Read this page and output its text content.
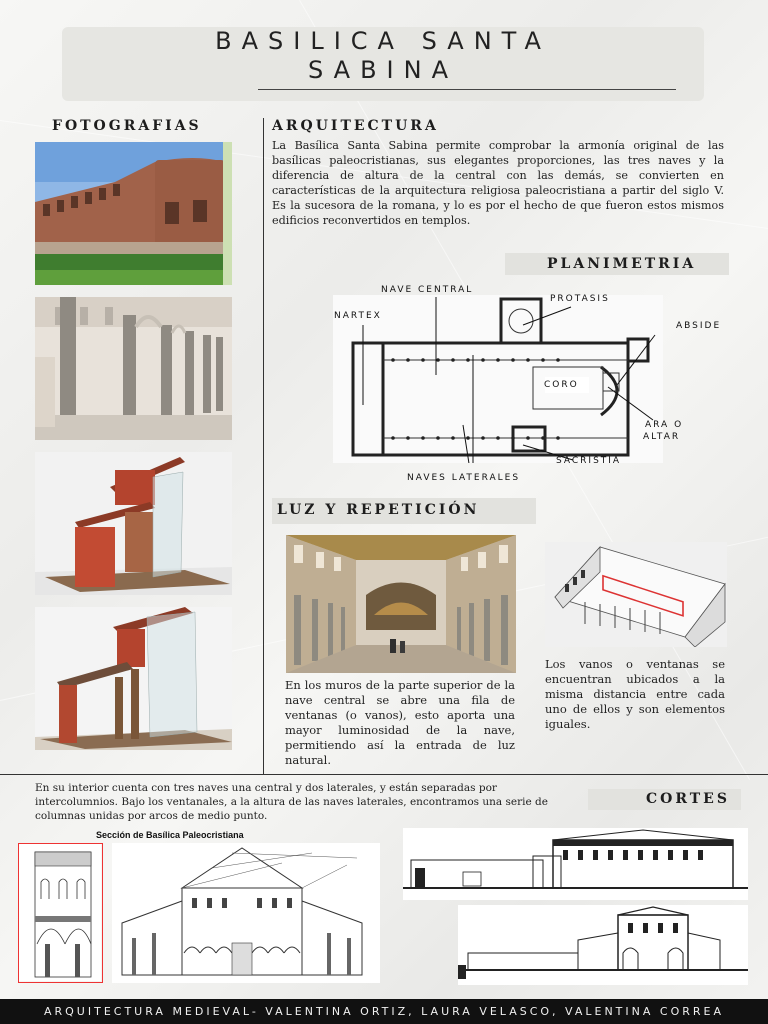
BASILICA SANTA
SABINA
FOTOGRAFIAS	ARQUITECTURA
La Basílica Santa Sabina permite comprobar la armonía original de las basílicas paleocristianas, sus elegantes proporciones, las tres naves y la diferencia de altura de la central con las demás, se convierten en características de la arquitectura religiosa paleocristiana a partir del siglo V. Es la sucesora de la romana, y lo es por el hecho de que fueron estos mismos edificios reconvertidos en templos.
PLANIMETRIA
NAVE CENTRAL
PROTASIS
NARTEX
ABSIDE
CORO
ARA O
ALTAR
SACRISTIA
NAVES LATERALES
LUZ Y REPETICIÓN
En los muros de la parte superior de la nave central se abre una fila de ventanas (o vanos), esto aporta una mayor luminosidad de la nave, permitiendo así la entrada de luz natural.
Los vanos o ventanas se encuentran ubicados a la misma distancia entre cada uno de ellos y son elementos iguales.
En su interior cuenta con tres naves una central y dos laterales, y están separadas por intercolumnios. Bajo los ventanales, a la altura de las naves laterales, encontramos una serie de columnas unidas por arcos de medio punto.
CORTES
Sección de Basílica Paleocristiana
ARQUITECTURA MEDIEVAL- VALENTINA ORTIZ, LAURA VELASCO, VALENTINA CORREA
